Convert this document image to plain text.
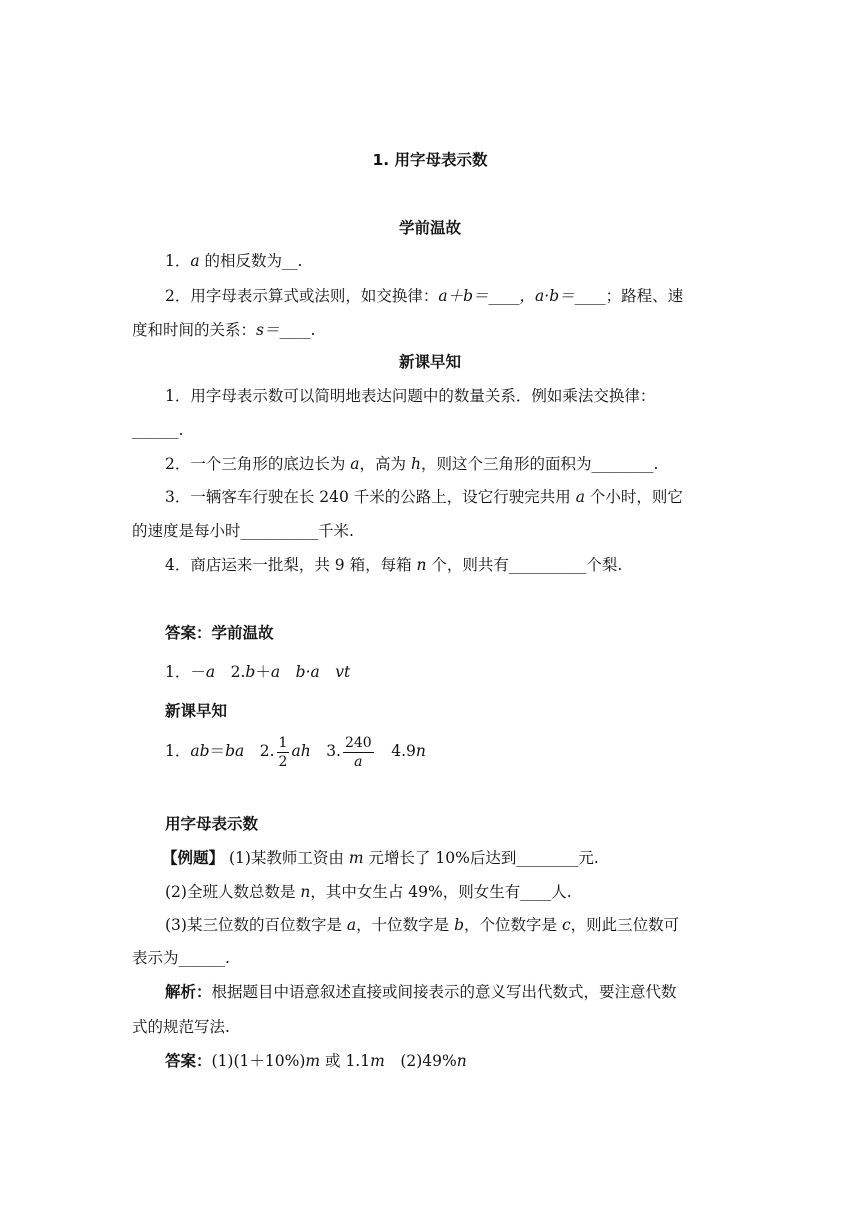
1. 用字母表示数
学前温故
1．a 的相反数为__.
2．用字母表示算式或法则，如交换律：a＋b＝____，a·b＝____；路程、速
度和时间的关系：s＝____.
新课早知
1．用字母表示数可以简明地表达问题中的数量关系．例如乘法交换律：
______.
2．一个三角形的底边长为 a，高为 h，则这个三角形的面积为________.
3．一辆客车行驶在长 240 千米的公路上，设它行驶完共用 a 个小时，则它
的速度是每小时__________千米.
4．商店运来一批梨，共 9 箱，每箱 n 个，则共有__________个梨.
答案：学前温故
1．－a　2.b＋a　 b·a　 vt
新课早知
1．ab＝ba　2. $\frac{1}{2}$ ah　3. $\frac{240}{a}$ 　4.9n
用字母表示数
【例题】 (1)某教师工资由 m 元增长了 10%后达到________元.
(2)全班人数总数是 n，其中女生占 49%，则女生有____人.
(3)某三位数的百位数字是 a，十位数字是 b，个位数字是 c，则此三位数可
表示为______.
解析：根据题目中语意叙述直接或间接表示的意义写出代数式，要注意代数
式的规范写法.
答案：(1)(1＋10%)m 或 1.1m　(2)49%n
